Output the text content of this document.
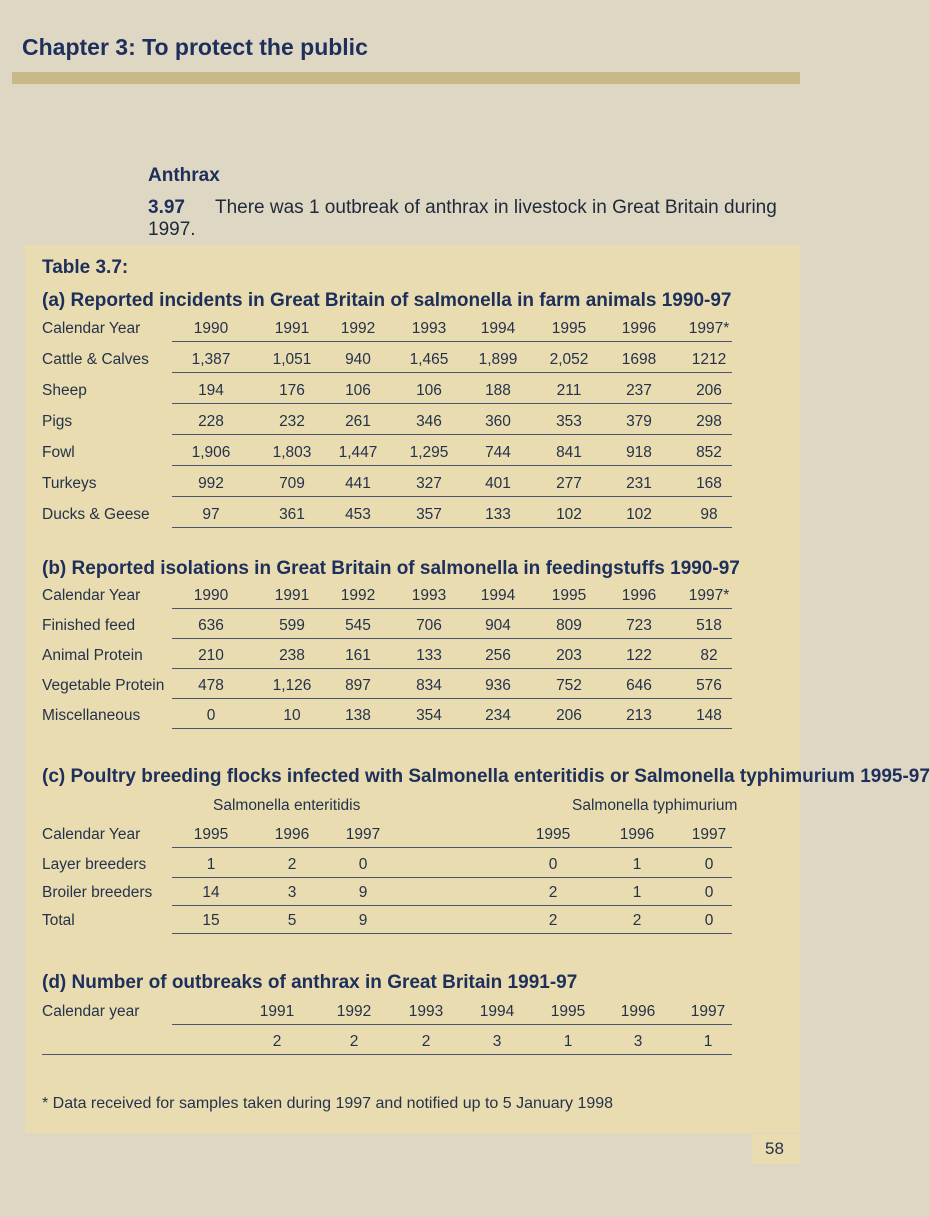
Chapter 3: To protect the public
Anthrax
3.97 There was 1 outbreak of anthrax in livestock in Great Britain during 1997.
Table 3.7:
(a) Reported incidents in Great Britain of salmonella in farm animals 1990-97
Calendar Year	1990	1991	1992	1993	1994	1995	1996	1997*
Cattle & Calves	1,387	1,051	940	1,465	1,899	2,052	1698	1212
Sheep	194	176	106	106	188	211	237	206
Pigs	228	232	261	346	360	353	379	298
Fowl	1,906	1,803	1,447	1,295	744	841	918	852
Turkeys	992	709	441	327	401	277	231	168
Ducks & Geese	97	361	453	357	133	102	102	98
(b) Reported isolations in Great Britain of salmonella in feedingstuffs 1990-97
Calendar Year	1990	1991	1992	1993	1994	1995	1996	1997*
Finished feed	636	599	545	706	904	809	723	518
Animal Protein	210	238	161	133	256	203	122	82
Vegetable Protein	478	1,126	897	834	936	752	646	576
Miscellaneous	0	10	138	354	234	206	213	148
(c) Poultry breeding flocks infected with Salmonella enteritidis or Salmonella typhimurium 1995-97
Salmonella enteritidis	Salmonella typhimurium
Calendar Year	1995	1996	1997	1995	1996	1997
Layer breeders	1	2	0	0	1	0
Broiler breeders	14	3	9	2	1	0
Total	15	5	9	2	2	0
(d) Number of outbreaks of anthrax in Great Britain 1991-97
Calendar year	1991	1992	1993	1994	1995	1996	1997
2	2	2	3	1	3	1
* Data received for samples taken during 1997 and notified up to 5 January 1998
58
